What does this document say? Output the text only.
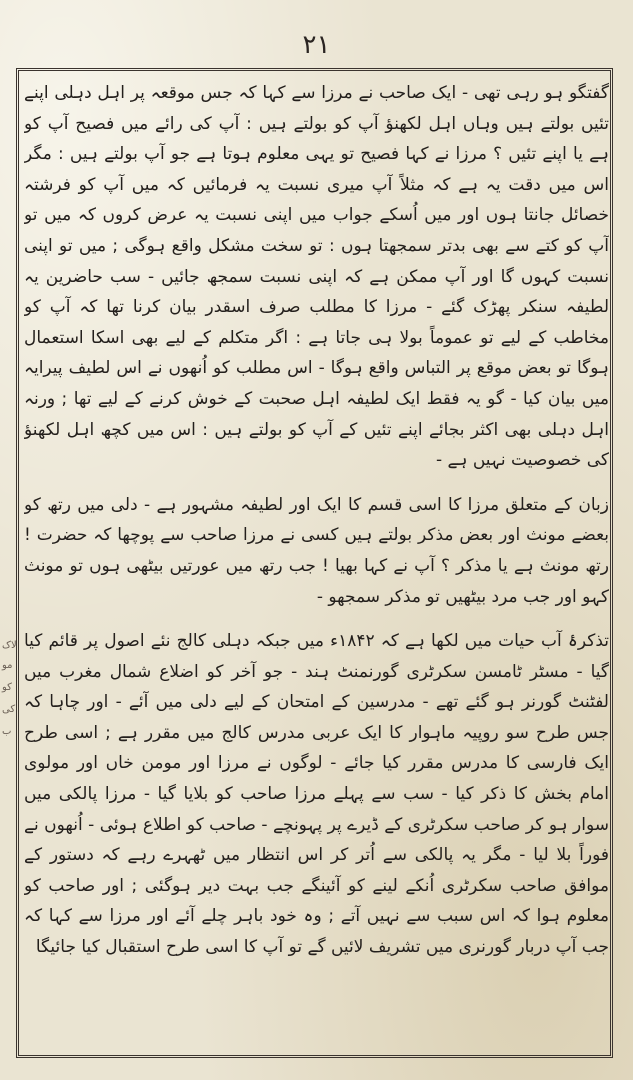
۲۱
لاک
مو
کو
کی
ب

گفتگو ہو رہی تھی - ایک صاحب نے مرزا سے کہا کہ جس موقعہ پر اہل دہلی اپنے تئیں بولتے ہیں وہاں اہل لکھنؤ آپ کو بولتے ہیں : آپ کی رائے میں فصیح آپ کو ہے یا اپنے تئیں ؟ مرزا نے کہا فصیح تو یہی معلوم ہوتا ہے جو آپ بولتے ہیں : مگر اس میں دقت یہ ہے کہ مثلاً آپ میری نسبت یہ فرمائیں کہ میں آپ کو فرشتہ خصائل جانتا ہوں اور میں اُسکے جواب میں اپنی نسبت یہ عرض کروں کہ میں تو آپ کو کتے سے بھی بدتر سمجھتا ہوں : تو سخت مشکل واقع ہوگی ; میں تو اپنی نسبت کہوں گا اور آپ ممکن ہے کہ اپنی نسبت سمجھ جائیں - سب حاضرین یہ لطیفہ سنکر پھڑک گئے - مرزا کا مطلب صرف اسقدر بیان کرنا تھا کہ آپ کو مخاطب کے لیے تو عموماً بولا ہی جاتا ہے : اگر متکلم کے لیے بھی اسکا استعمال ہوگا تو بعض موقع پر التباس واقع ہوگا - اس مطلب کو اُنھوں نے اس لطیف پیرایہ میں بیان کیا - گو یہ فقط ایک لطیفہ اہل صحبت کے خوش کرنے کے لیے تھا ; ورنہ اہل دہلی بھی اکثر بجائے اپنے تئیں کے آپ کو بولتے ہیں : اس میں کچھ اہل لکھنؤ کی خصوصیت نہیں ہے -

زبان کے متعلق مرزا کا اسی قسم کا ایک اور لطیفہ مشہور ہے - دلی میں رتھ کو بعضے مونث اور بعض مذکر بولتے ہیں کسی نے مرزا صاحب سے پوچھا کہ حضرت ! رتھ مونث ہے یا مذکر ؟ آپ نے کہا بھیا ! جب رتھ میں عورتیں بیٹھی ہوں تو مونث کہو اور جب مرد بیٹھیں تو مذکر سمجھو -

تذکرۂ آب حیات میں لکھا ہے کہ ۱۸۴۲ء میں جبکہ دہلی کالج نئے اصول پر قائم کیا گیا - مسٹر ٹامسن سکرٹری گورنمنٹ ہند - جو آخر کو اضلاع شمال مغرب میں لفٹنٹ گورنر ہو گئے تھے - مدرسین کے امتحان کے لیے دلی میں آئے - اور چاہا کہ جس طرح سو روپیہ ماہوار کا ایک عربی مدرس کالج میں مقرر ہے ; اسی طرح ایک فارسی کا مدرس مقرر کیا جائے - لوگوں نے مرزا اور مومن خاں اور مولوی امام بخش کا ذکر کیا - سب سے پہلے مرزا صاحب کو بلایا گیا - مرزا پالکی میں سوار ہو کر صاحب سکرٹری کے ڈیرے پر پہونچے - صاحب کو اطلاع ہوئی - اُنھوں نے فوراً بلا لیا - مگر یہ پالکی سے اُتر کر اس انتظار میں ٹھہرے رہے کہ دستور کے موافق صاحب سکرٹری اُنکے لینے کو آئینگے جب بہت دیر ہوگئی ; اور صاحب کو معلوم ہوا کہ اس سبب سے نہیں آتے ; وہ خود باہر چلے آئے اور مرزا سے کہا کہ جب آپ دربار گورنری میں تشریف لائیں گے تو آپ کا اسی طرح استقبال کیا جائیگا
